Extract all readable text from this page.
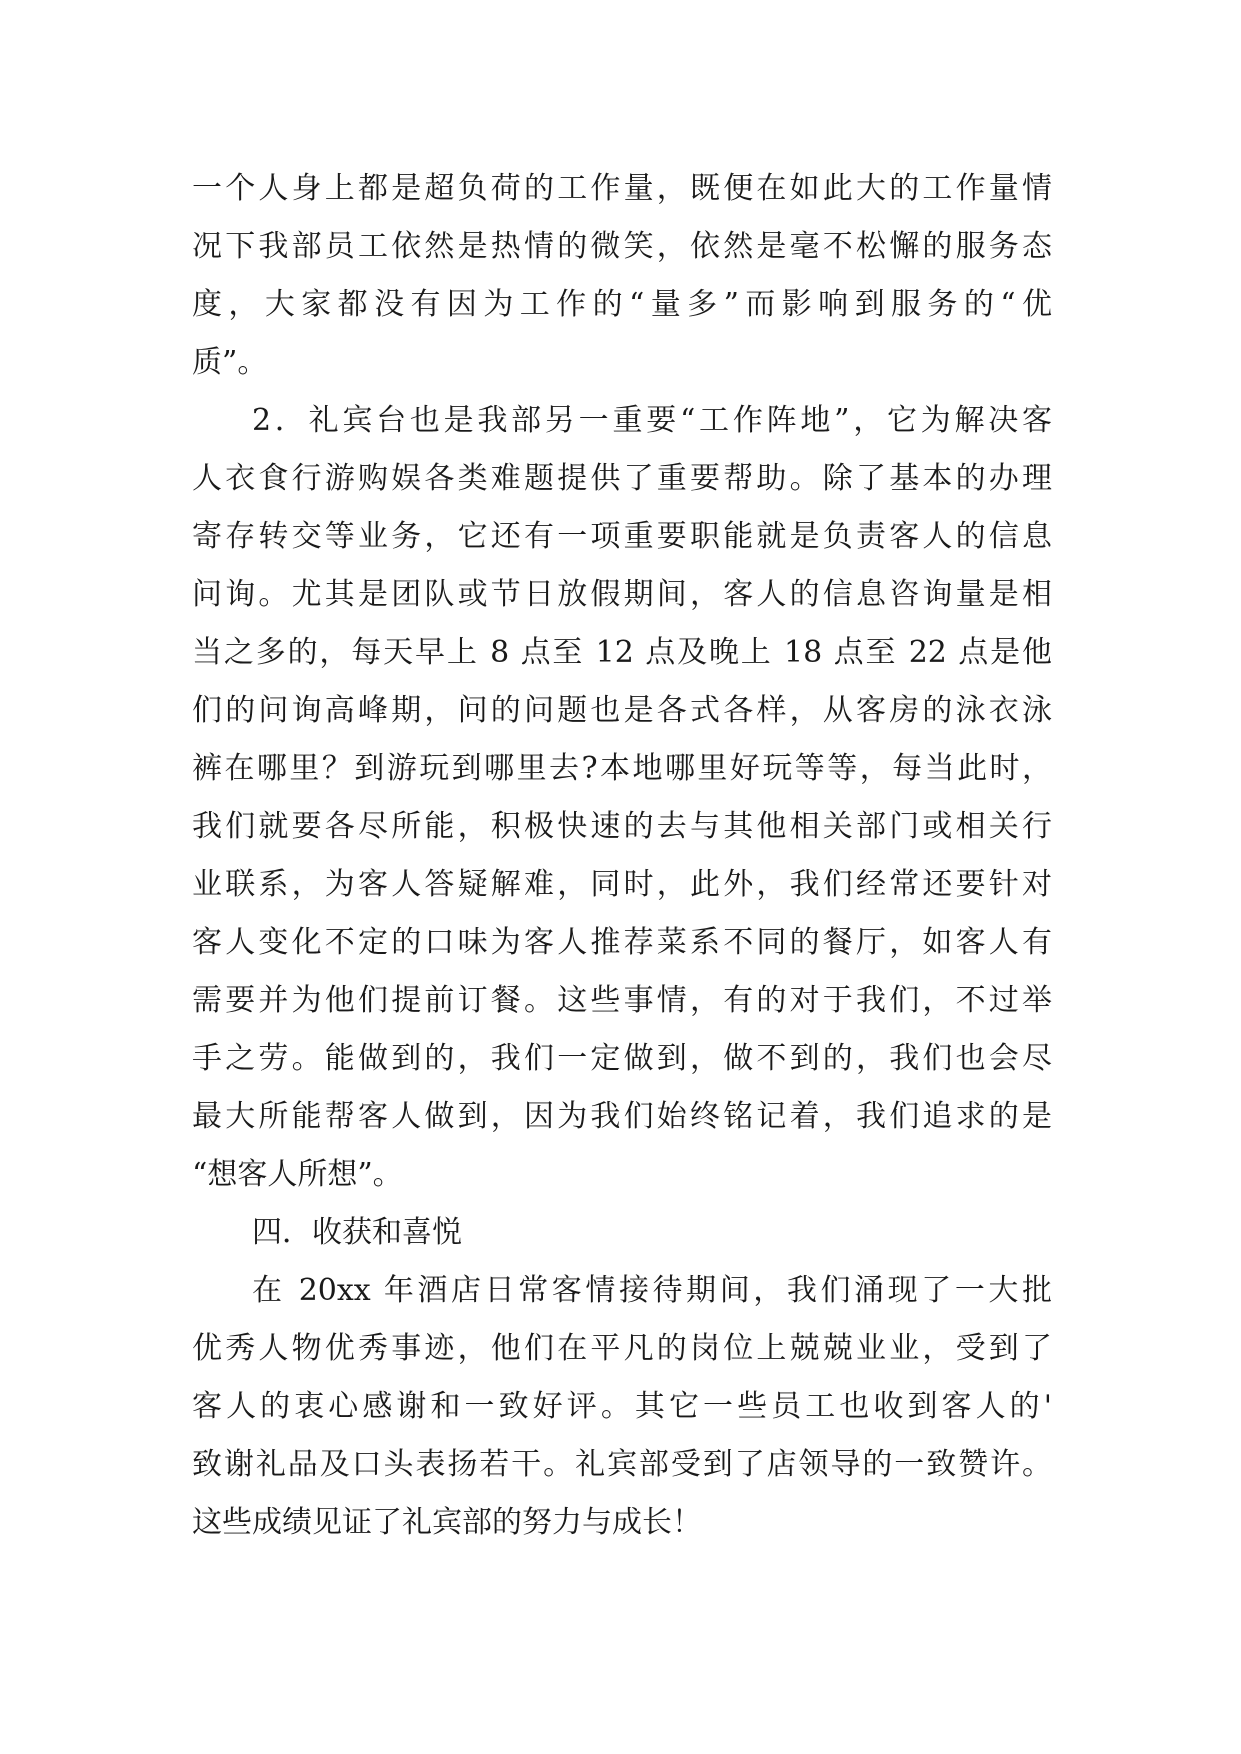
一个人身上都是超负荷的工作量，既便在如此大的工作量情
况下我部员工依然是热情的微笑，依然是毫不松懈的服务态
度，大家都没有因为工作的“量多”而影响到服务的“优
质”。
2．礼宾台也是我部另一重要“工作阵地”，它为解决客
人衣食行游购娱各类难题提供了重要帮助。除了基本的办理
寄存转交等业务，它还有一项重要职能就是负责客人的信息
问询。尤其是团队或节日放假期间，客人的信息咨询量是相
当之多的，每天早上 8 点至 12 点及晚上 18 点至 22 点是他
们的问询高峰期，问的问题也是各式各样，从客房的泳衣泳
裤在哪里？到游玩到哪里去?本地哪里好玩等等，每当此时，
我们就要各尽所能，积极快速的去与其他相关部门或相关行
业联系，为客人答疑解难，同时，此外，我们经常还要针对
客人变化不定的口味为客人推荐菜系不同的餐厅，如客人有
需要并为他们提前订餐。这些事情，有的对于我们，不过举
手之劳。能做到的，我们一定做到，做不到的，我们也会尽
最大所能帮客人做到，因为我们始终铭记着，我们追求的是
“想客人所想”。
四．收获和喜悦
在 20xx 年酒店日常客情接待期间，我们涌现了一大批
优秀人物优秀事迹，他们在平凡的岗位上兢兢业业，受到了
客人的衷心感谢和一致好评。其它一些员工也收到客人的'
致谢礼品及口头表扬若干。礼宾部受到了店领导的一致赞许。
这些成绩见证了礼宾部的努力与成长！
